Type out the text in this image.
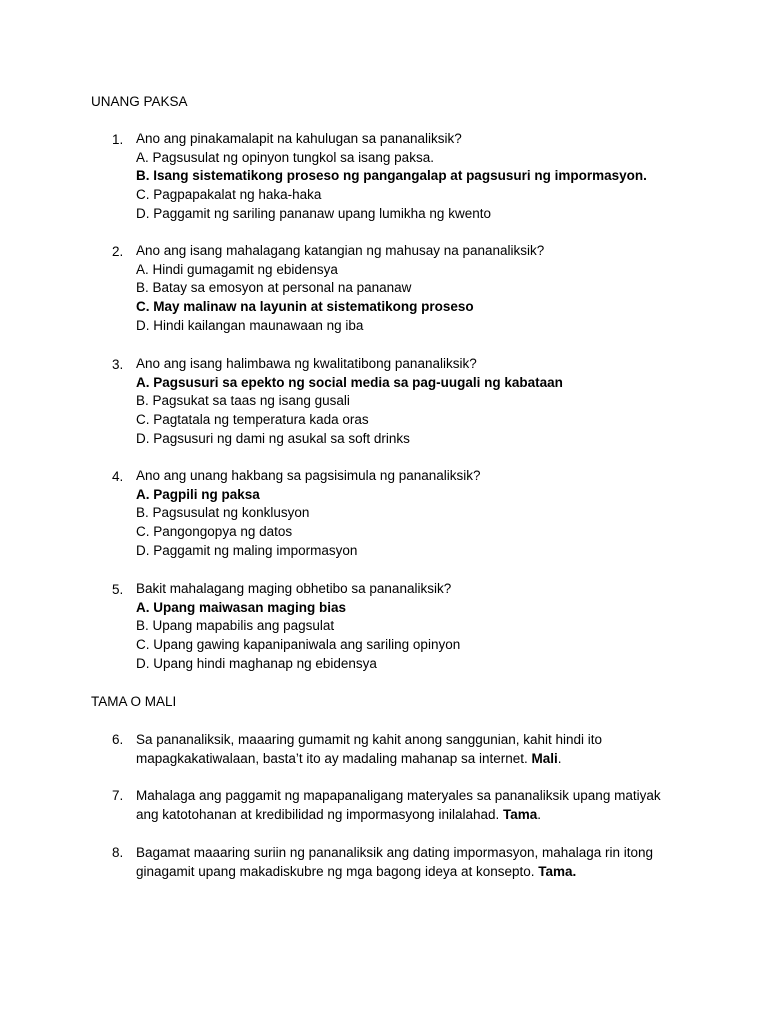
UNANG PAKSA
1. Ano ang pinakamalapit na kahulugan sa pananaliksik?
A. Pagsusulat ng opinyon tungkol sa isang paksa.
B. Isang sistematikong proseso ng pangangalap at pagsusuri ng impormasyon.
C. Pagpapakalat ng haka-haka
D. Paggamit ng sariling pananaw upang lumikha ng kwento
2. Ano ang isang mahalagang katangian ng mahusay na pananaliksik?
A. Hindi gumagamit ng ebidensya
B. Batay sa emosyon at personal na pananaw
C. May malinaw na layunin at sistematikong proseso
D. Hindi kailangan maunawaan ng iba
3. Ano ang isang halimbawa ng kwalitatibong pananaliksik?
A. Pagsusuri sa epekto ng social media sa pag-uugali ng kabataan
B. Pagsukat sa taas ng isang gusali
C. Pagtatala ng temperatura kada oras
D. Pagsusuri ng dami ng asukal sa soft drinks
4. Ano ang unang hakbang sa pagsisimula ng pananaliksik?
A. Pagpili ng paksa
B. Pagsusulat ng konklusyon
C. Pangongopya ng datos
D. Paggamit ng maling impormasyon
5. Bakit mahalagang maging obhetibo sa pananaliksik?
A. Upang maiwasan maging bias
B. Upang mapabilis ang pagsulat
C. Upang gawing kapanipaniwala ang sariling opinyon
D. Upang hindi maghanap ng ebidensya
TAMA O MALI
6. Sa pananaliksik, maaaring gumamit ng kahit anong sanggunian, kahit hindi ito mapagkakatiwalaan, basta’t ito ay madaling mahanap sa internet. Mali.
7. Mahalaga ang paggamit ng mapapanaligang materyales sa pananaliksik upang matiyak ang katotohanan at kredibilidad ng impormasyong inilalahad. Tama.
8. Bagamat maaaring suriin ng pananaliksik ang dating impormasyon, mahalaga rin itong ginagamit upang makadiskubre ng mga bagong ideya at konsepto. Tama.
